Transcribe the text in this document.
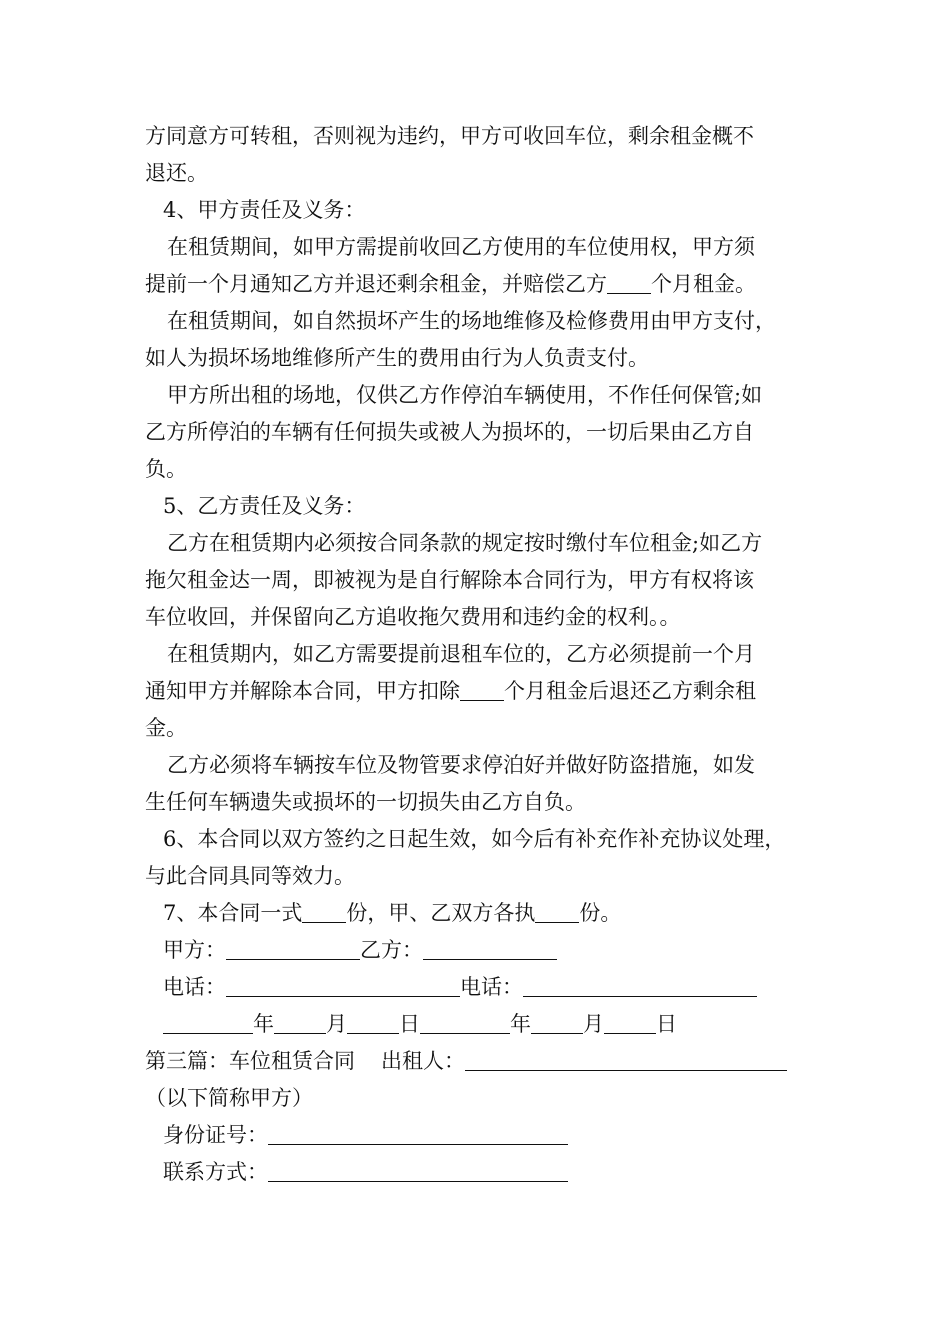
方同意方可转租，否则视为违约，甲方可收回车位，剩余租金概不
退还。
4、甲方责任及义务：
在租赁期间，如甲方需提前收回乙方使用的车位使用权，甲方须
提前一个月通知乙方并退还剩余租金，并赔偿乙方 个月租金。
在租赁期间，如自然损坏产生的场地维修及检修费用由甲方支付，
如人为损坏场地维修所产生的费用由行为人负责支付。
甲方所出租的场地，仅供乙方作停泊车辆使用，不作任何保管;如
乙方所停泊的车辆有任何损失或被人为损坏的，一切后果由乙方自
负。
5、乙方责任及义务：
乙方在租赁期内必须按合同条款的规定按时缴付车位租金;如乙方
拖欠租金达一周，即被视为是自行解除本合同行为，甲方有权将该
车位收回，并保留向乙方追收拖欠费用和违约金的权利。。
在租赁期内，如乙方需要提前退租车位的，乙方必须提前一个月
通知甲方并解除本合同，甲方扣除 个月租金后退还乙方剩余租
金。
乙方必须将车辆按车位及物管要求停泊好并做好防盗措施，如发
生任何车辆遗失或损坏的一切损失由乙方自负。
6、本合同以双方签约之日起生效，如今后有补充作补充协议处理，
与此合同具同等效力。
7、本合同一式 份，甲、乙双方各执 份。
甲方：	乙方：
电话：	电话：
年 月 日	年 月 日
第三篇：车位租赁合同 出租人：
（以下简称甲方）
身份证号：
联系方式：
